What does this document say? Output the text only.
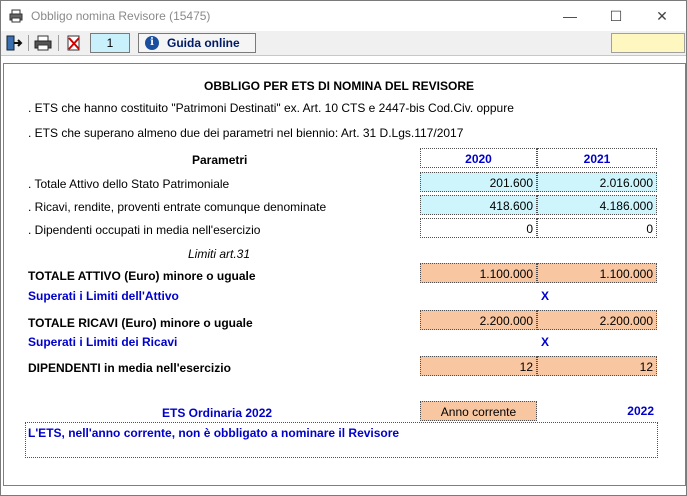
Obbligo nomina Revisore (15475)	—	☐	✕
1	i	Guida online
OBBLIGO PER ETS DI NOMINA DEL REVISORE
. ETS che hanno costituito "Patrimoni Destinati" ex. Art. 10 CTS e 2447-bis Cod.Civ. oppure
. ETS che superano almeno due dei parametri nel biennio: Art. 31 D.Lgs.117/2017
Parametri	2020	2021
. Totale Attivo dello Stato Patrimoniale	201.600	2.016.000
. Ricavi, rendite, proventi entrate comunque denominate	418.600	4.186.000
. Dipendenti occupati in media nell'esercizio	0	0
Limiti art.31
TOTALE ATTIVO (Euro) minore o uguale	1.100.000	1.100.000
Superati i Limiti dell'Attivo	X
TOTALE RICAVI (Euro) minore o uguale	2.200.000	2.200.000
Superati i Limiti dei Ricavi	X
DIPENDENTI in media nell'esercizio	12	12
ETS Ordinaria 2022	Anno corrente	2022
L'ETS, nell'anno corrente, non è obbligato a nominare il Revisore
